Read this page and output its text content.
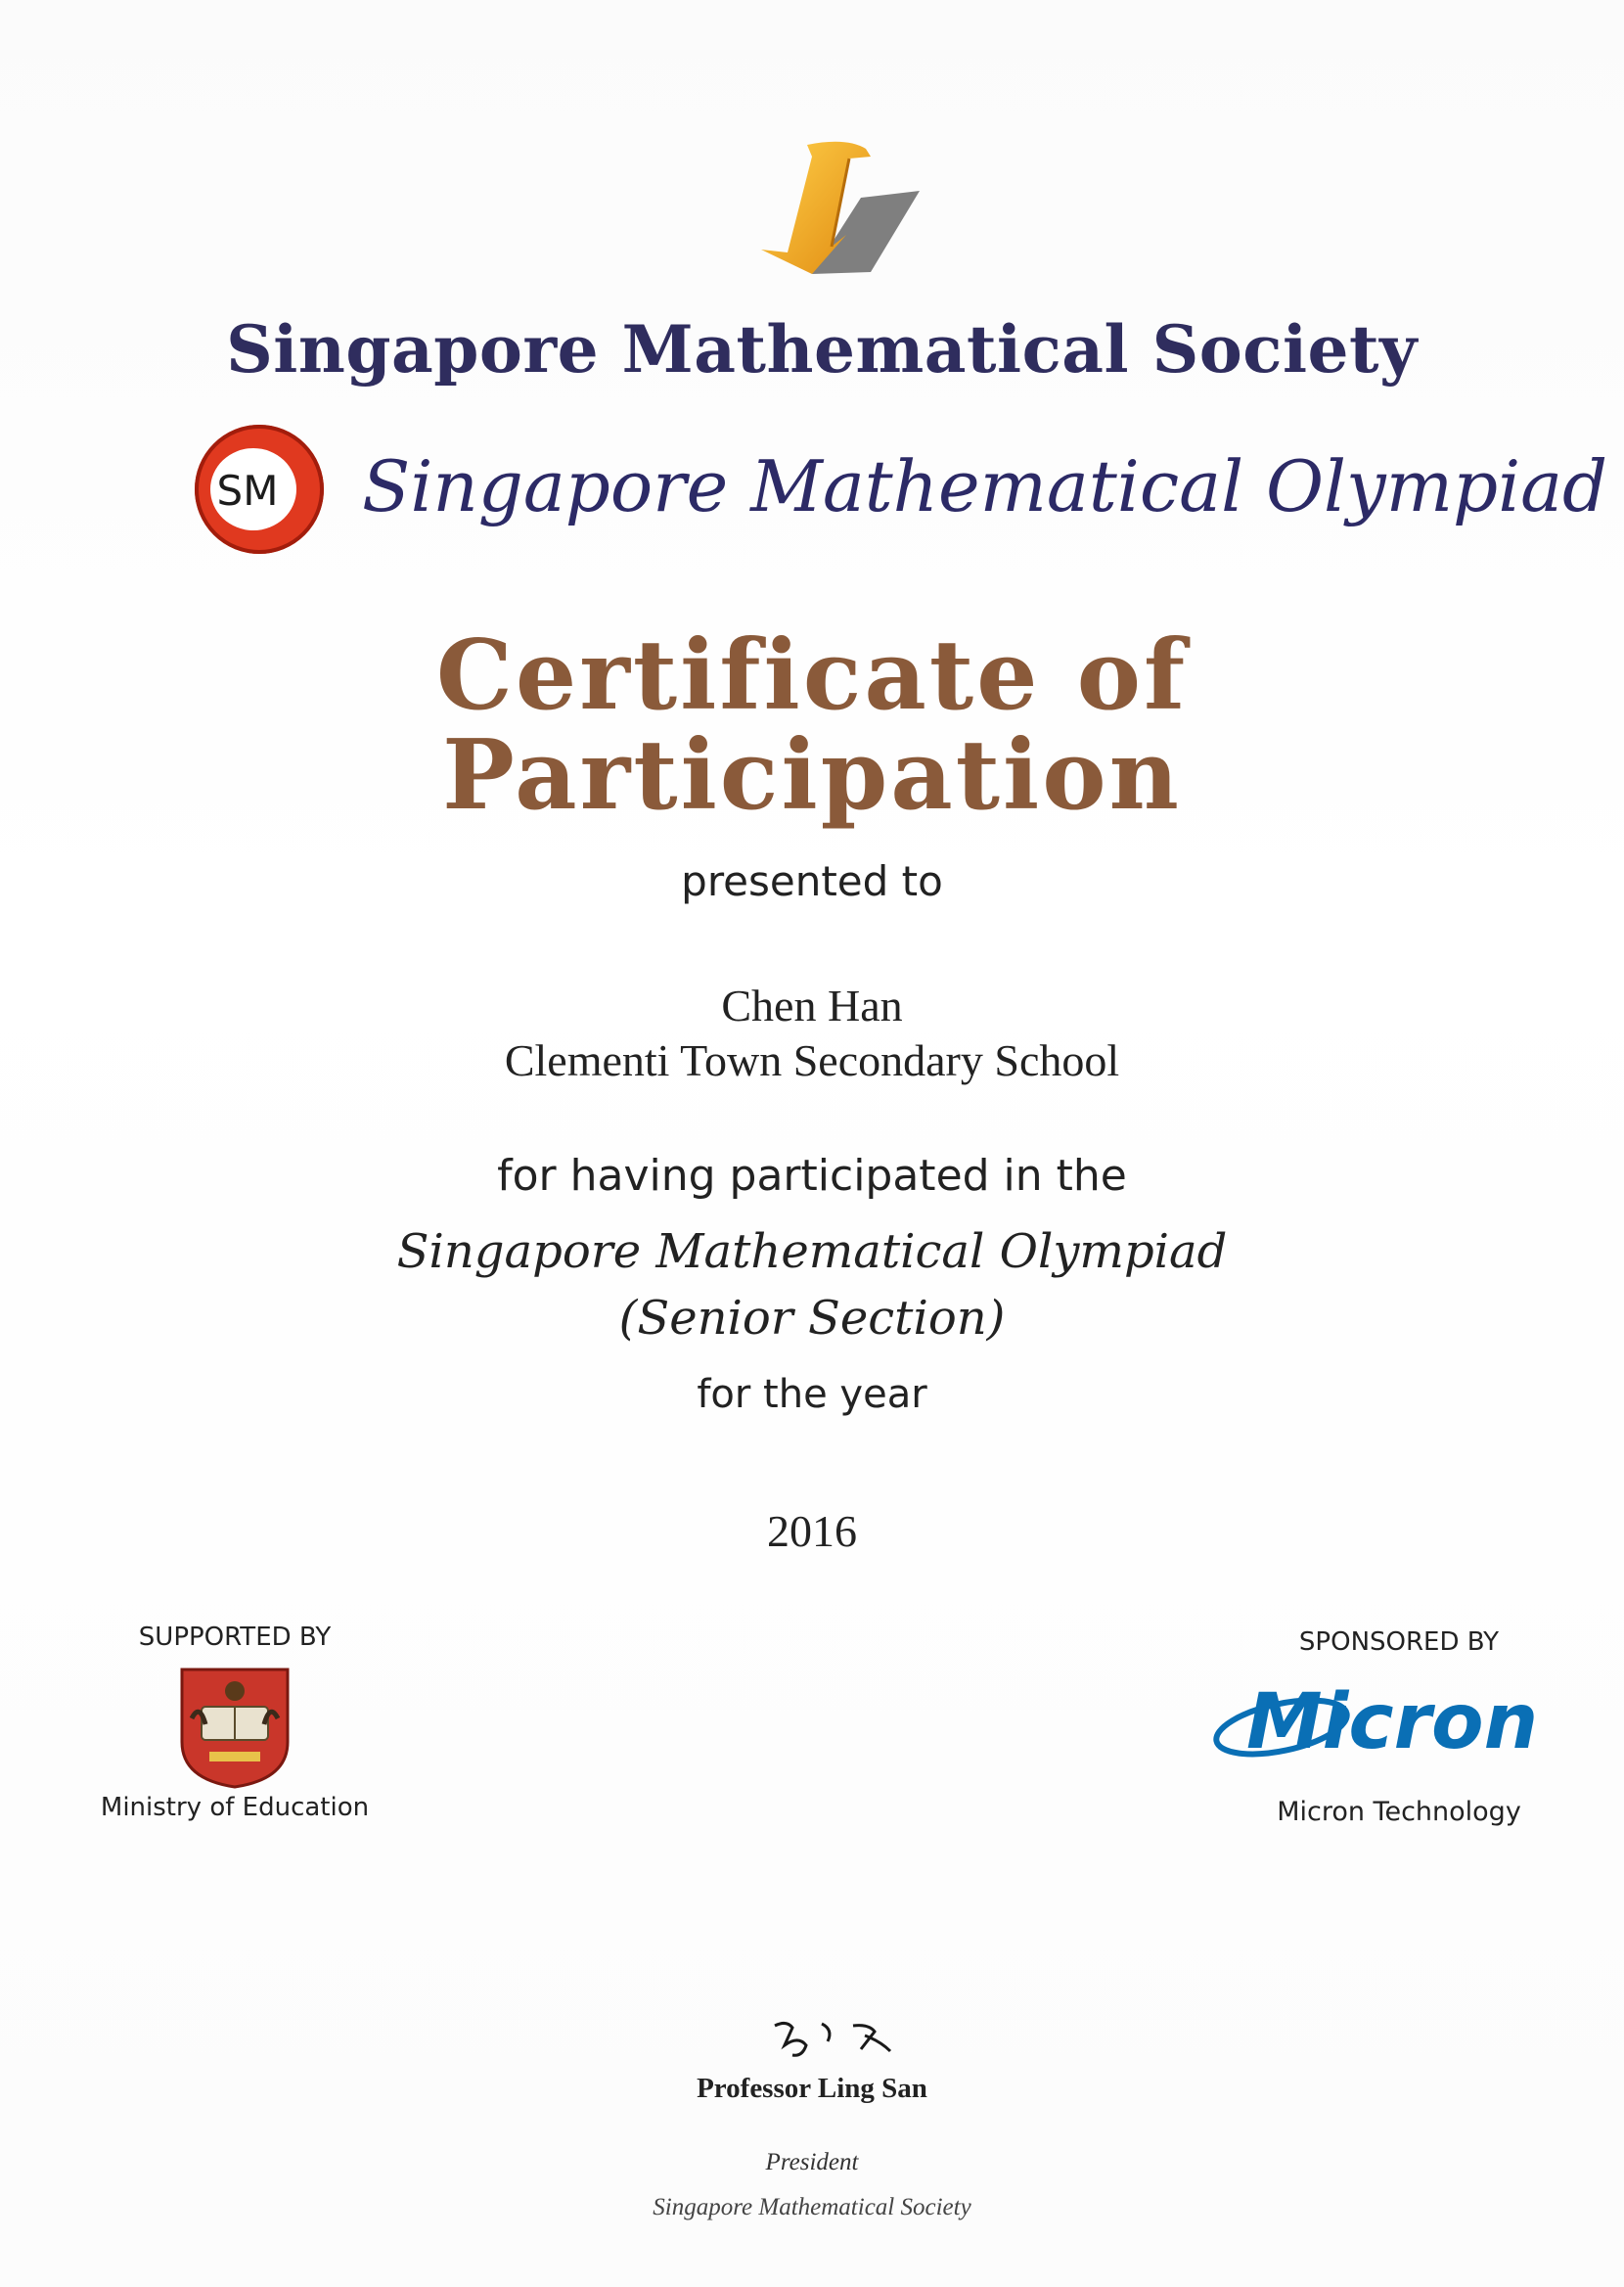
Singapore Mathematical Society
SM Singapore Mathematical Olympiad
Certificate of
Participation
presented to
Chen Han
Clementi Town Secondary School
for having participated in the
Singapore Mathematical Olympiad
(Senior Section)
for the year
2016
SUPPORTED BY
Ministry of Education
SPONSORED BY
Micron
Micron Technology
Professor Ling San
President
Singapore Mathematical Society
